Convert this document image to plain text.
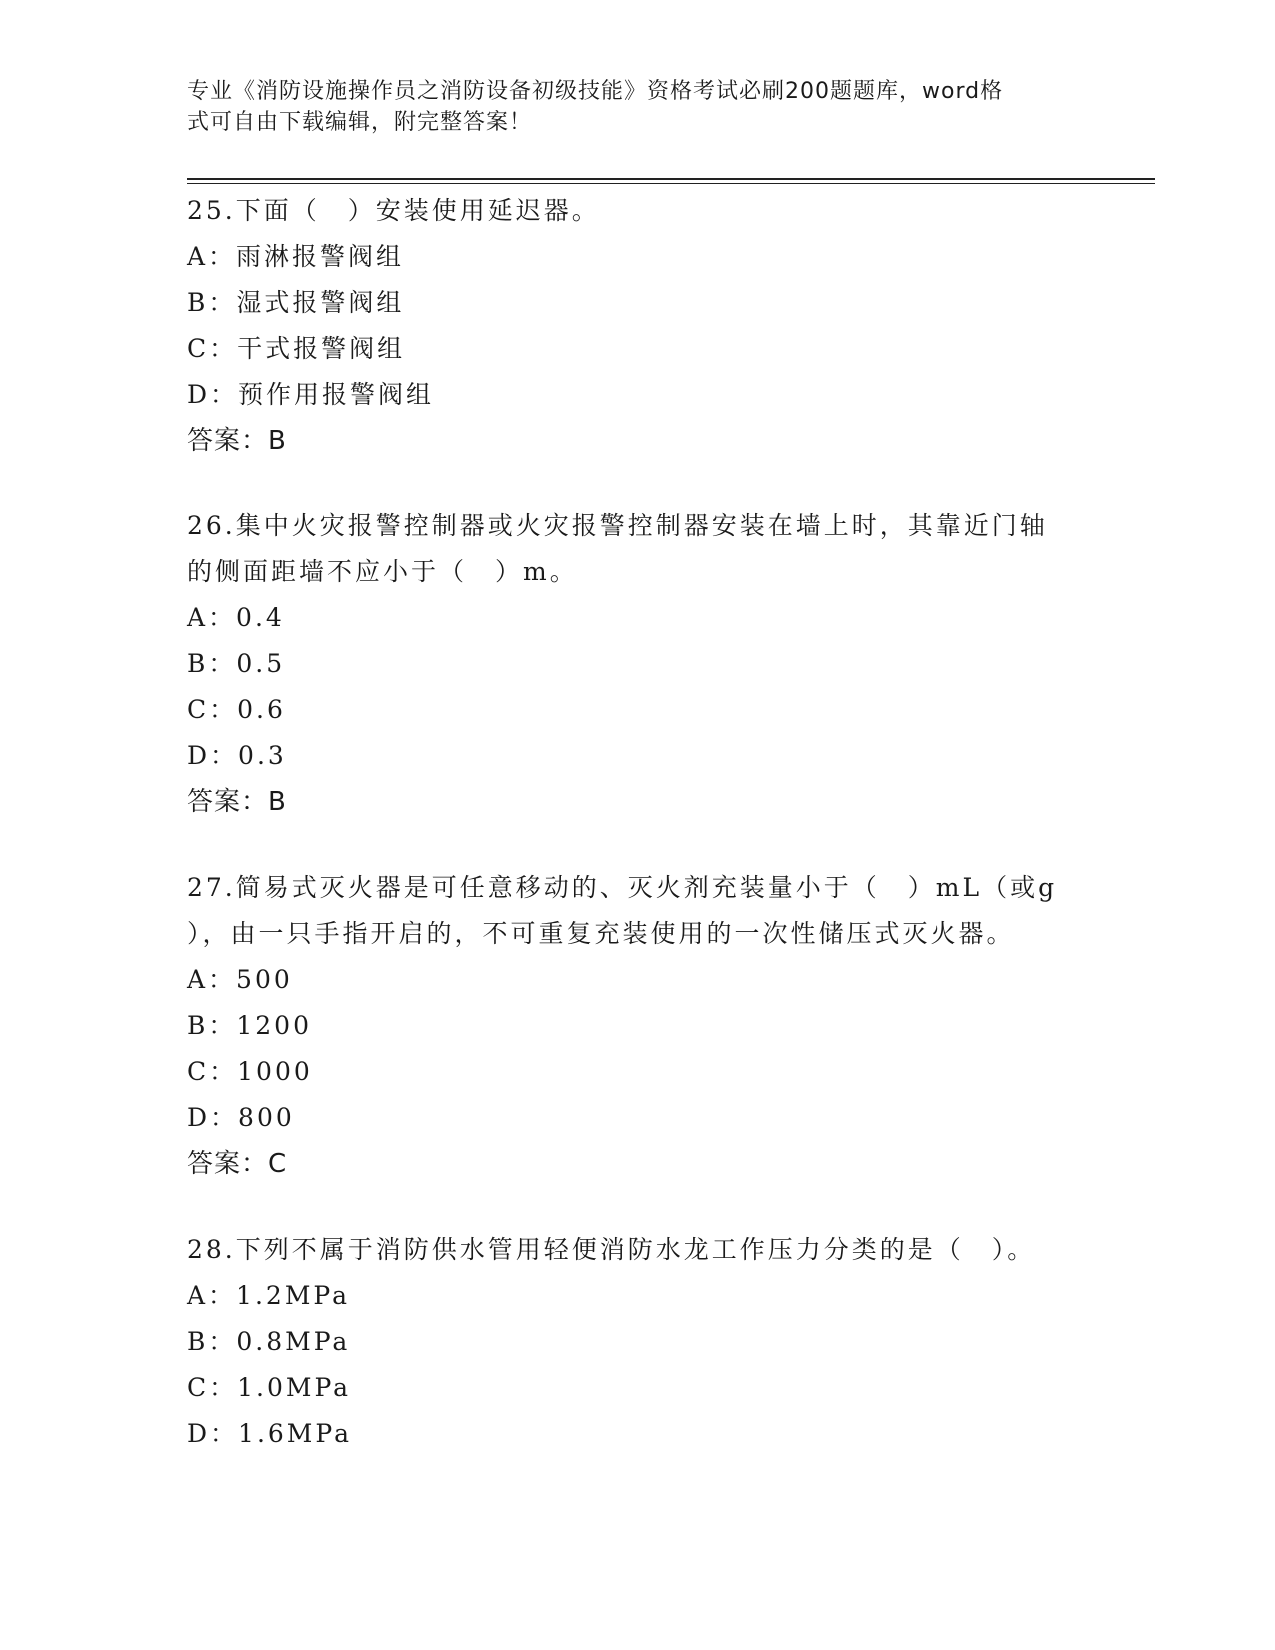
专业《消防设施操作员之消防设备初级技能》资格考试必刷200题题库，word格
式可自由下载编辑，附完整答案！
25.下面（　）安装使用延迟器。
A：雨淋报警阀组
B：湿式报警阀组
C：干式报警阀组
D：预作用报警阀组
答案：B
26.集中火灾报警控制器或火灾报警控制器安装在墙上时，其靠近门轴
的侧面距墙不应小于（　）m。
A：0.4
B：0.5
C：0.6
D：0.3
答案：B
27.简易式灭火器是可任意移动的、灭火剂充装量小于（　）mL（或g
），由一只手指开启的，不可重复充装使用的一次性储压式灭火器。
A：500
B：1200
C：1000
D：800
答案：C
28.下列不属于消防供水管用轻便消防水龙工作压力分类的是（　）。
A：1.2MPa
B：0.8MPa
C：1.0MPa
D：1.6MPa
